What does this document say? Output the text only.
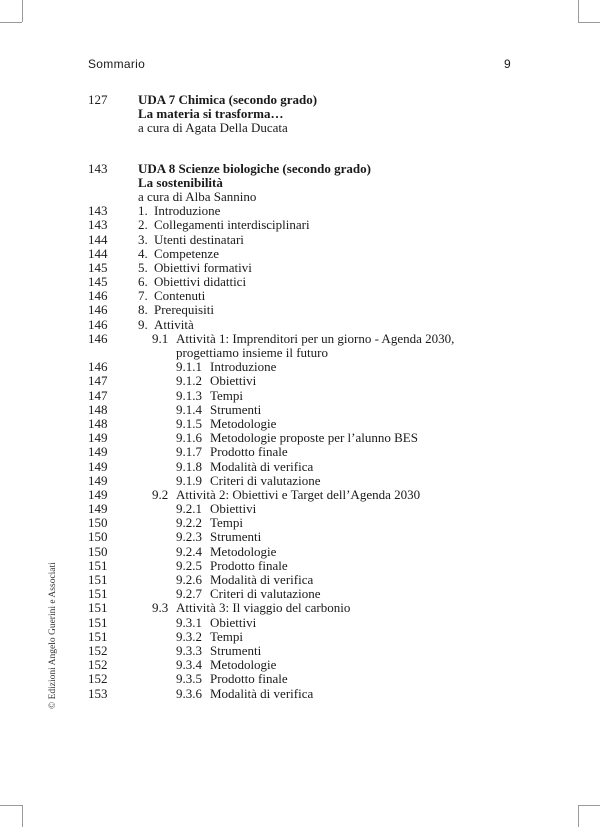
Sommario	9
© Edizioni Angelo Guerini e Associati
127 UDA 7 Chimica (secondo grado)
La materia si trasforma…
a cura di Agata Della Ducata
143 UDA 8 Scienze biologiche (secondo grado)
La sostenibilità
a cura di Alba Sannino
143 1. Introduzione
143 2. Collegamenti interdisciplinari
144 3. Utenti destinatari
144 4. Competenze
145 5. Obiettivi formativi
145 6. Obiettivi didattici
146 7. Contenuti
146 8. Prerequisiti
146 9. Attività
146	9.1 Attività 1: Imprenditori per un giorno - Agenda 2030,
progettiamo insieme il futuro
146	9.1.1 Introduzione
147	9.1.2 Obiettivi
147	9.1.3 Tempi
148	9.1.4 Strumenti
148	9.1.5 Metodologie
149	9.1.6 Metodologie proposte per l’alunno BES
149	9.1.7 Prodotto finale
149	9.1.8 Modalità di verifica
149	9.1.9 Criteri di valutazione
149	9.2 Attività 2: Obiettivi e Target dell’Agenda 2030
149	9.2.1 Obiettivi
150	9.2.2 Tempi
150	9.2.3 Strumenti
150	9.2.4 Metodologie
151	9.2.5 Prodotto finale
151	9.2.6 Modalità di verifica
151	9.2.7 Criteri di valutazione
151	9.3 Attività 3: Il viaggio del carbonio
151	9.3.1 Obiettivi
151	9.3.2 Tempi
152	9.3.3 Strumenti
152	9.3.4 Metodologie
152	9.3.5 Prodotto finale
153	9.3.6 Modalità di verifica
